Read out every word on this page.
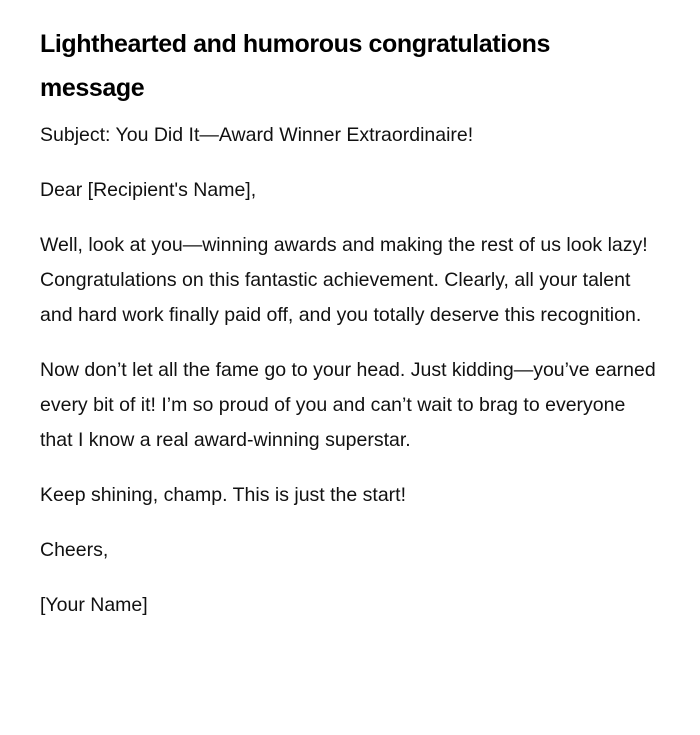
Lighthearted and humorous congratulations message

Subject: You Did It—Award Winner Extraordinaire!

Dear [Recipient's Name],

Well, look at you—winning awards and making the rest of us look lazy! Congratulations on this fantastic achievement. Clearly, all your talent and hard work finally paid off, and you totally deserve this recognition.

Now don’t let all the fame go to your head. Just kidding—you’ve earned every bit of it! I’m so proud of you and can’t wait to brag to everyone that I know a real award-winning superstar.

Keep shining, champ. This is just the start!

Cheers,

[Your Name]
